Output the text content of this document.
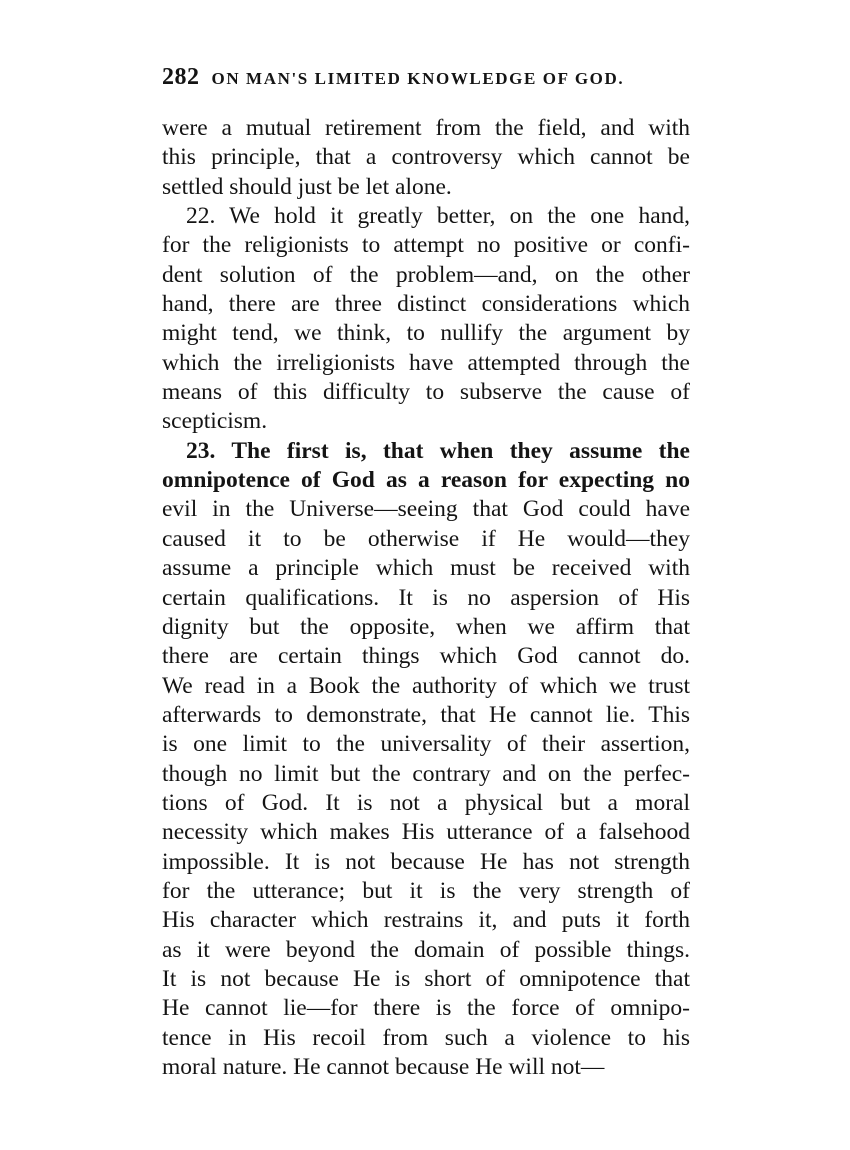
282 ON MAN'S LIMITED KNOWLEDGE OF GOD.
were a mutual retirement from the field, and with
this principle, that a controversy which cannot be
settled should just be let alone.
22. We hold it greatly better, on the one hand,
for the religionists to attempt no positive or confi-
dent solution of the problem—and, on the other
hand, there are three distinct considerations which
might tend, we think, to nullify the argument by
which the irreligionists have attempted through the
means of this difficulty to subserve the cause of
scepticism.
23. The first is, that when they assume the
omnipotence of God as a reason for expecting no
evil in the Universe—seeing that God could have
caused it to be otherwise if He would—they
assume a principle which must be received with
certain qualifications. It is no aspersion of His
dignity but the opposite, when we affirm that
there are certain things which God cannot do.
We read in a Book the authority of which we trust
afterwards to demonstrate, that He cannot lie. This
is one limit to the universality of their assertion,
though no limit but the contrary and on the perfec-
tions of God. It is not a physical but a moral
necessity which makes His utterance of a falsehood
impossible. It is not because He has not strength
for the utterance; but it is the very strength of
His character which restrains it, and puts it forth
as it were beyond the domain of possible things.
It is not because He is short of omnipotence that
He cannot lie—for there is the force of omnipo-
tence in His recoil from such a violence to his
moral nature. He cannot because He will not—
